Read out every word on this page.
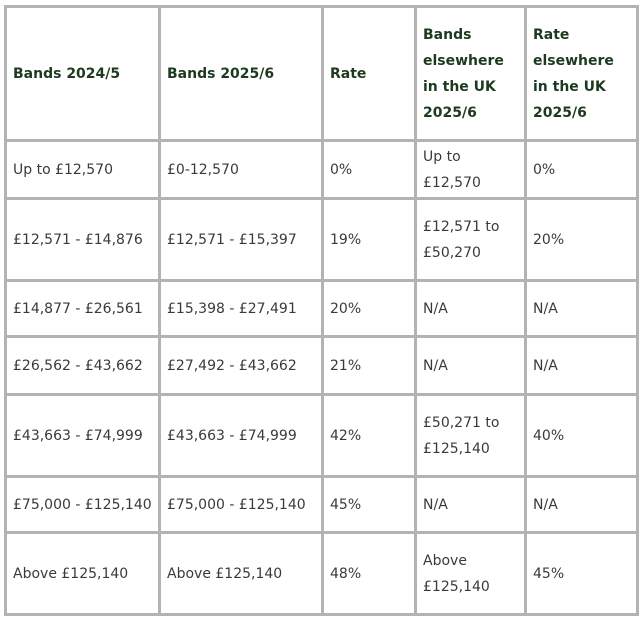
Bands 2024/5	Bands 2025/6	Rate	Bands elsewhere in the UK 2025/6	Rate elsewhere in the UK 2025/6
Up to £12,570	£0-12,570	0%	Up to £12,570	0%
£12,571 - £14,876	£12,571 - £15,397	19%	£12,571 to £50,270	20%
£14,877 - £26,561	£15,398 - £27,491	20%	N/A	N/A
£26,562 - £43,662	£27,492 - £43,662	21%	N/A	N/A
£43,663 - £74,999	£43,663 - £74,999	42%	£50,271 to £125,140	40%
£75,000 - £125,140	£75,000 - £125,140	45%	N/A	N/A
Above £125,140	Above £125,140	48%	Above £125,140	45%
